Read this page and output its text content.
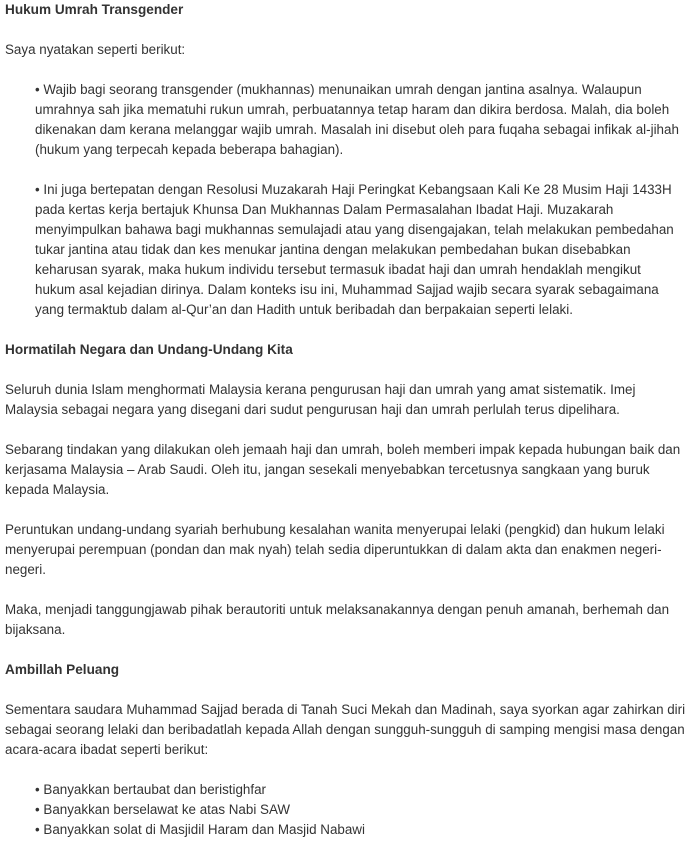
Hukum Umrah Transgender

Saya nyatakan seperti berikut:

• Wajib bagi seorang transgender (mukhannas) menunaikan umrah dengan jantina asalnya. Walaupun umrahnya sah jika mematuhi rukun umrah, perbuatannya tetap haram dan dikira berdosa. Malah, dia boleh dikenakan dam kerana melanggar wajib umrah. Masalah ini disebut oleh para fuqaha sebagai infikak al-jihah (hukum yang terpecah kepada beberapa bahagian).

• Ini juga bertepatan dengan Resolusi Muzakarah Haji Peringkat Kebangsaan Kali Ke 28 Musim Haji 1433H pada kertas kerja bertajuk Khunsa Dan Mukhannas Dalam Permasalahan Ibadat Haji. Muzakarah menyimpulkan bahawa bagi mukhannas semulajadi atau yang disengajakan, telah melakukan pembedahan tukar jantina atau tidak dan kes menukar jantina dengan melakukan pembedahan bukan disebabkan keharusan syarak, maka hukum individu tersebut termasuk ibadat haji dan umrah hendaklah mengikut hukum asal kejadian dirinya. Dalam konteks isu ini, Muhammad Sajjad wajib secara syarak sebagaimana yang termaktub dalam al-Qur’an dan Hadith untuk beribadah dan berpakaian seperti lelaki.

Hormatilah Negara dan Undang-Undang Kita

Seluruh dunia Islam menghormati Malaysia kerana pengurusan haji dan umrah yang amat sistematik. Imej Malaysia sebagai negara yang disegani dari sudut pengurusan haji dan umrah perlulah terus dipelihara.

Sebarang tindakan yang dilakukan oleh jemaah haji dan umrah, boleh memberi impak kepada hubungan baik dan kerjasama Malaysia – Arab Saudi. Oleh itu, jangan sesekali menyebabkan tercetusnya sangkaan yang buruk kepada Malaysia.

Peruntukan undang-undang syariah berhubung kesalahan wanita menyerupai lelaki (pengkid) dan hukum lelaki menyerupai perempuan (pondan dan mak nyah) telah sedia diperuntukkan di dalam akta dan enakmen negeri-negeri.

Maka, menjadi tanggungjawab pihak berautoriti untuk melaksanakannya dengan penuh amanah, berhemah dan bijaksana.

Ambillah Peluang

Sementara saudara Muhammad Sajjad berada di Tanah Suci Mekah dan Madinah, saya syorkan agar zahirkan diri sebagai seorang lelaki dan beribadatlah kepada Allah dengan sungguh-sungguh di samping mengisi masa dengan acara-acara ibadat seperti berikut:

• Banyakkan bertaubat dan beristighfar
• Banyakkan berselawat ke atas Nabi SAW
• Banyakkan solat di Masjidil Haram dan Masjid Nabawi
